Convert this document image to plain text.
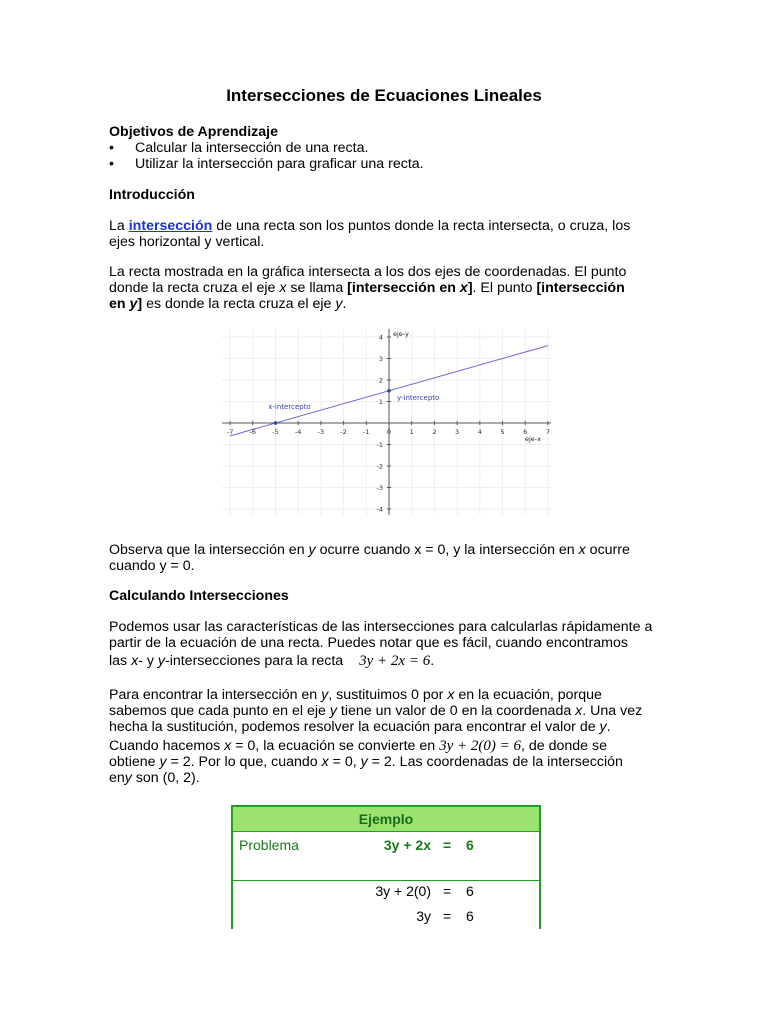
Intersecciones de Ecuaciones Lineales
Objetivos de Aprendizaje
•	Calcular la intersección de una recta.
•	Utilizar la intersección para graficar una recta.
Introducción
La intersección de una recta son los puntos donde la recta intersecta, o cruza, los
ejes horizontal y vertical.
La recta mostrada en la gráfica intersecta a los dos ejes de coordenadas. El punto
donde la recta cruza el eje x se llama [intersección en x]. El punto [intersección
en y] es donde la recta cruza el eje y.
-7 -6 -5 -4 -3 -2 -1	0	1	2	3	4	5	6	7
4
3
2
1
-1
-2
-3
-4
x-intercepto
y-intercepto
eje-y
eje-x
Observa que la intersección en y ocurre cuando x = 0, y la intersección en x ocurre
cuando y = 0.
Calculando Intersecciones
Podemos usar las características de las intersecciones para calcularlas rápidamente a
partir de la ecuación de una recta. Puedes notar que es fácil, cuando encontramos
las x- y y-intersecciones para la recta 3y + 2x = 6.
Para encontrar la intersección en y, sustituimos 0 por x en la ecuación, porque
sabemos que cada punto en el eje y tiene un valor de 0 en la coordenada x. Una vez
hecha la sustitución, podemos resolver la ecuación para encontrar el valor de y.
Cuando hacemos x = 0, la ecuación se convierte en 3y + 2(0) = 6, de donde se
obtiene y = 2. Por lo que, cuando x = 0, y = 2. Las coordenadas de la intersección
eny son (0, 2).
Ejemplo
Problema	3y + 2x = 6
3y + 2(0) = 6
3y = 6
